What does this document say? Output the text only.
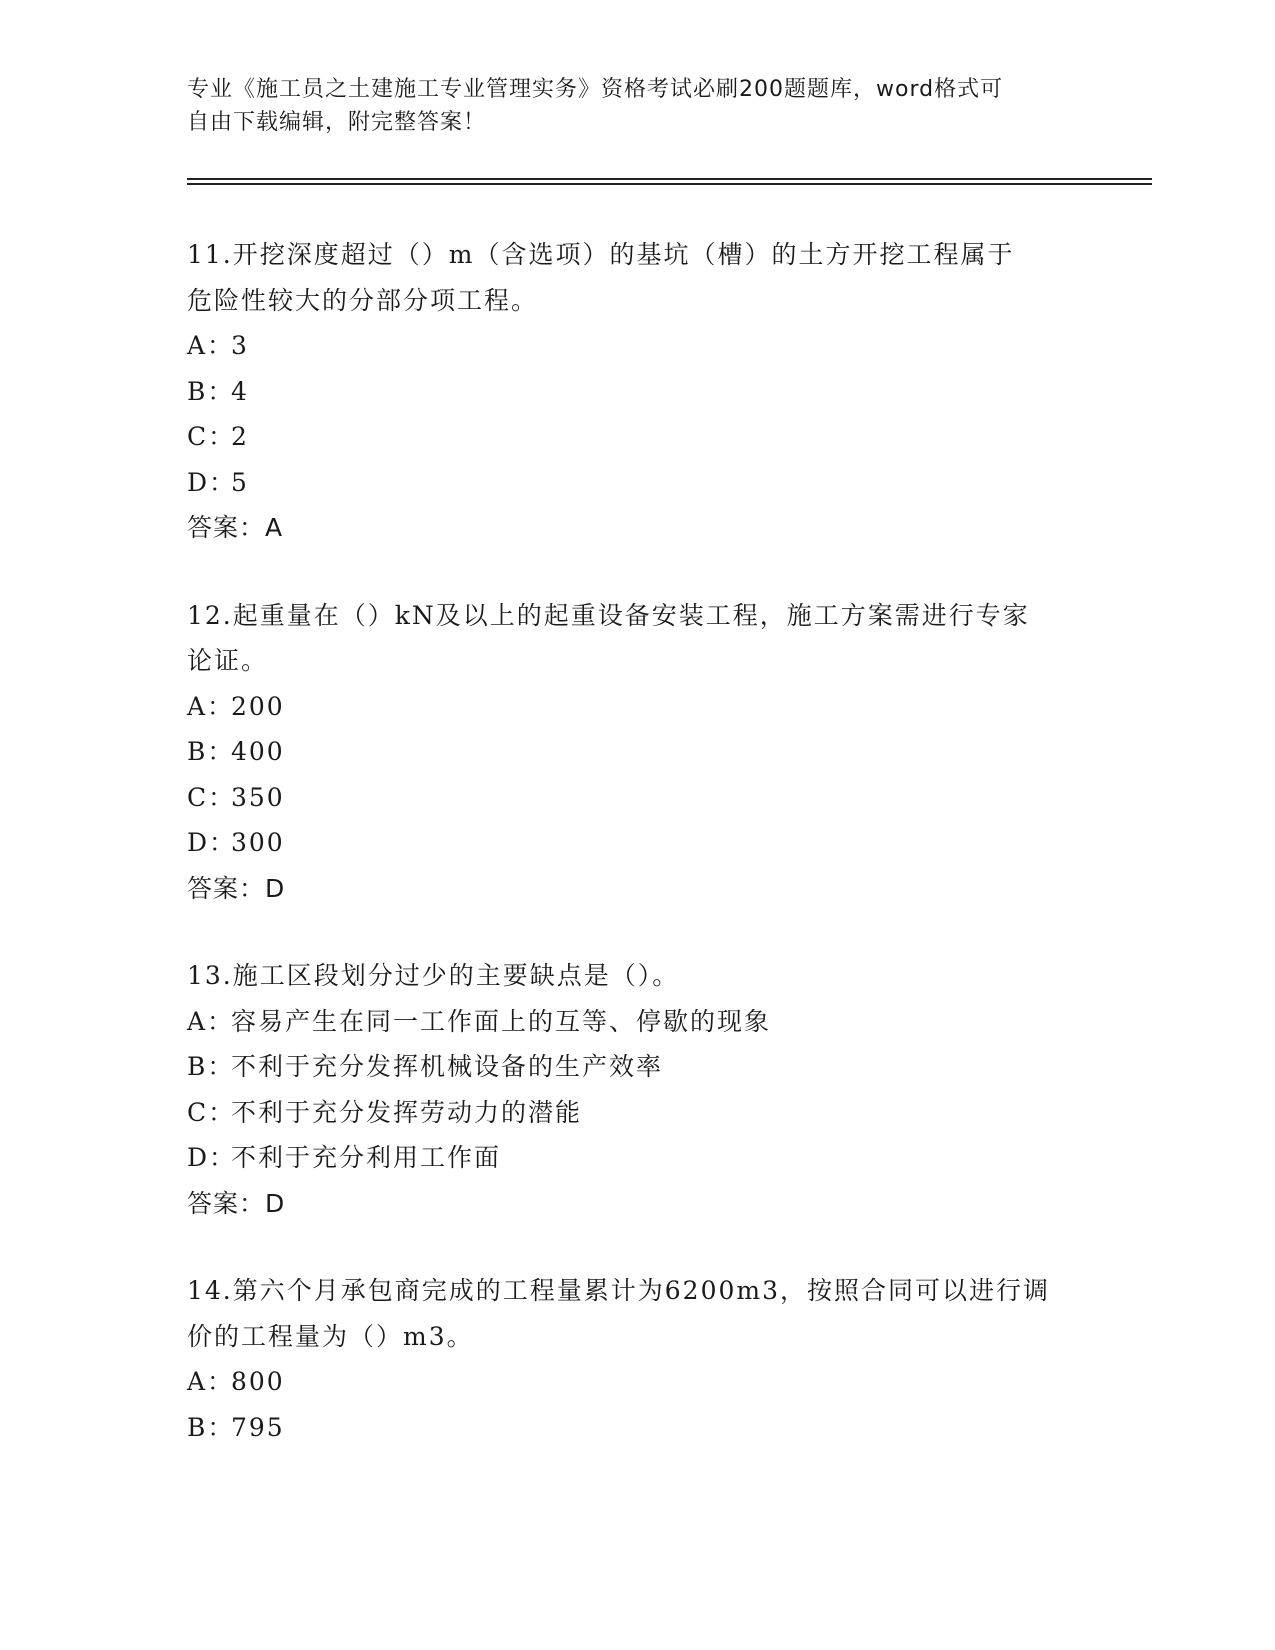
专业《施工员之土建施工专业管理实务》资格考试必刷200题题库，word格式可
自由下载编辑，附完整答案！
11.开挖深度超过（）m（含选项）的基坑（槽）的土方开挖工程属于
危险性较大的分部分项工程。
A：3
B：4
C：2
D：5
答案：A
12.起重量在（）kN及以上的起重设备安装工程，施工方案需进行专家
论证。
A：200
B：400
C：350
D：300
答案：D
13.施工区段划分过少的主要缺点是（）。
A：容易产生在同一工作面上的互等、停歇的现象
B：不利于充分发挥机械设备的生产效率
C：不利于充分发挥劳动力的潜能
D：不利于充分利用工作面
答案：D
14.第六个月承包商完成的工程量累计为6200m3，按照合同可以进行调
价的工程量为（）m3。
A：800
B：795
